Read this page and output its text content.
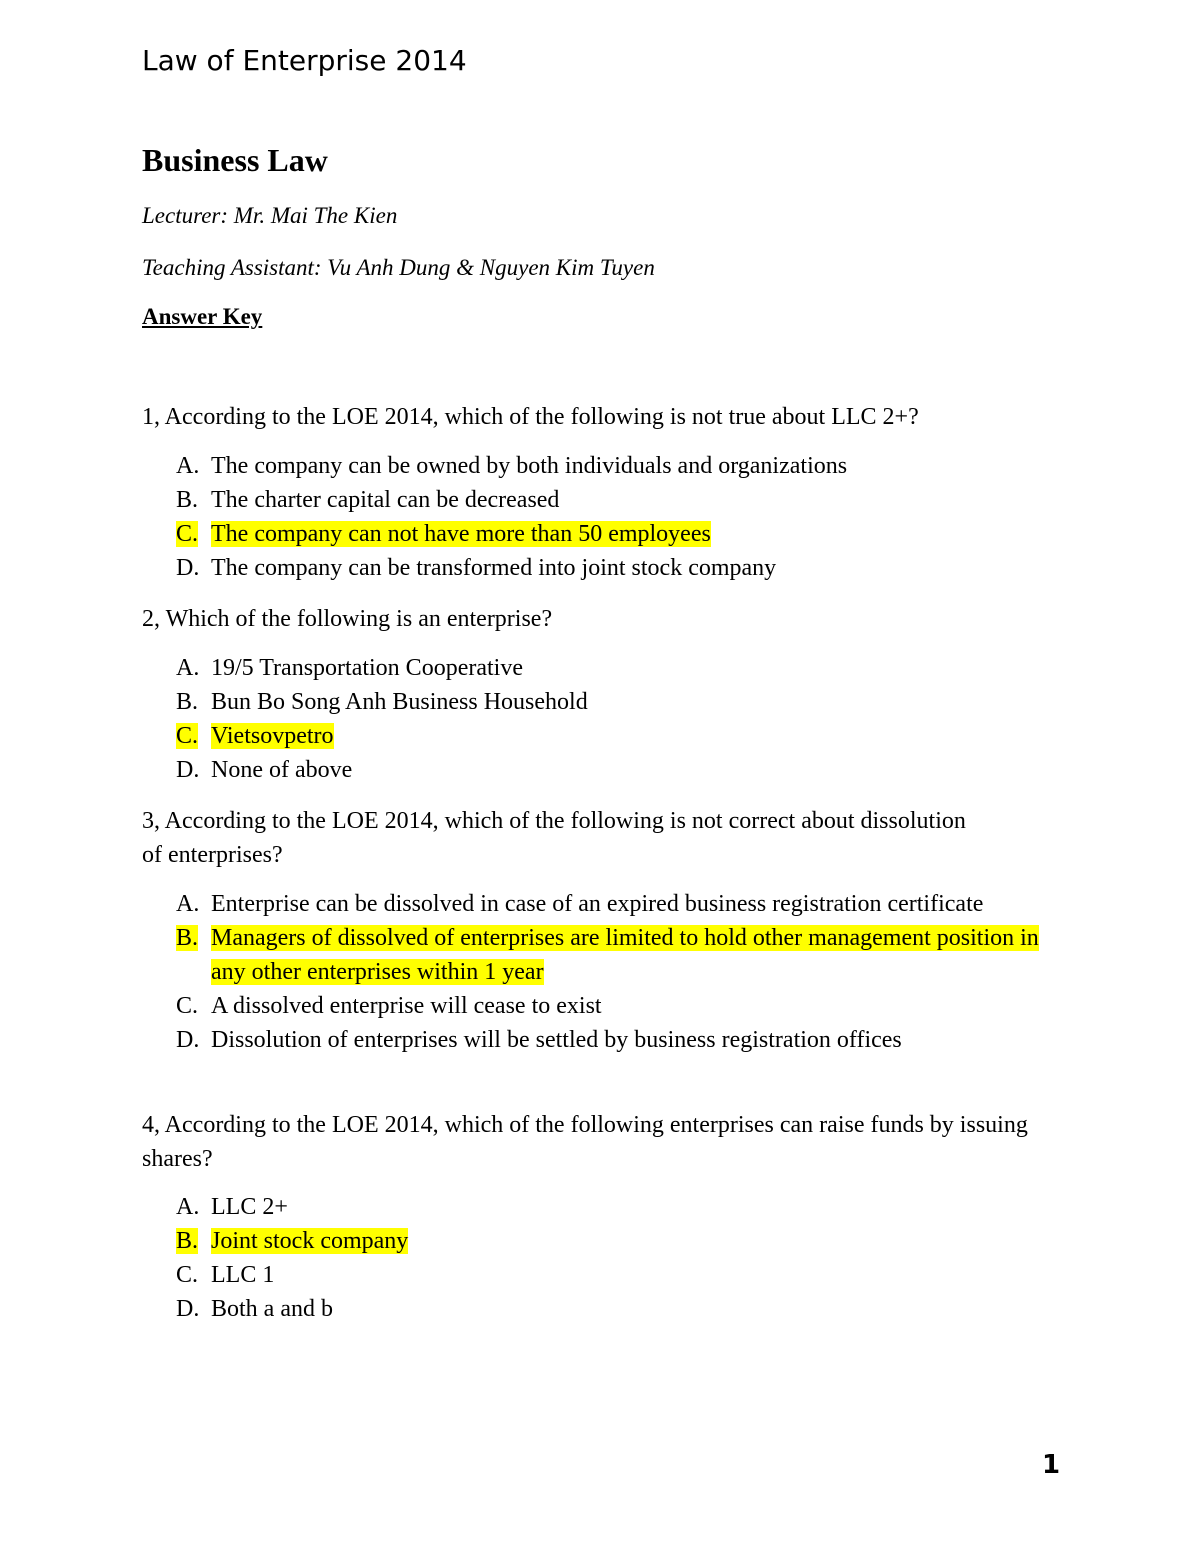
Law of Enterprise 2014
Business Law
Lecturer: Mr. Mai The Kien
Teaching Assistant: Vu Anh Dung & Nguyen Kim Tuyen
Answer Key
1, According to the LOE 2014, which of the following is not true about LLC 2+?
A. The company can be owned by both individuals and organizations
B. The charter capital can be decreased
C. The company can not have more than 50 employees
D. The company can be transformed into joint stock company
2, Which of the following is an enterprise?
A. 19/5 Transportation Cooperative
B. Bun Bo Song Anh Business Household
C. Vietsovpetro
D. None of above
3, According to the LOE 2014, which of the following is not correct about dissolution of enterprises?
A. Enterprise can be dissolved in case of an expired business registration certificate
B. Managers of dissolved of enterprises are limited to hold other management position in any other enterprises within 1 year
C. A dissolved enterprise will cease to exist
D. Dissolution of enterprises will be settled by business registration offices
4, According to the LOE 2014, which of the following enterprises can raise funds by issuing shares?
A. LLC 2+
B. Joint stock company
C. LLC 1
D. Both a and b
1
